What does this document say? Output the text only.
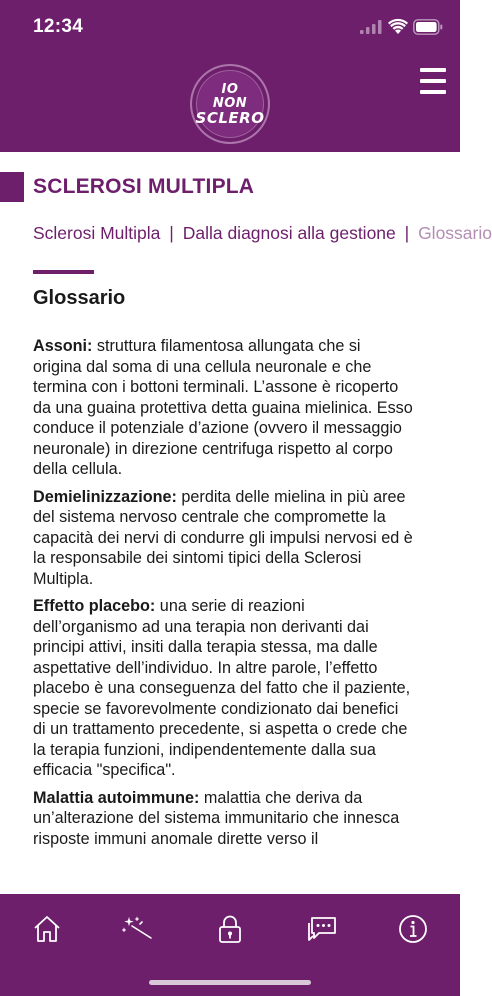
12:34
IO
NON
SCLERO
SCLEROSI MULTIPLA
Sclerosi Multipla | Dalla diagnosi alla gestione | Glossario
Glossario

Assoni: struttura filamentosa allungata che si origina dal soma di una cellula neuronale e che termina con i bottoni terminali. L’assone è ricoperto da una guaina protettiva detta guaina mielinica. Esso conduce il potenziale d’azione (ovvero il messaggio neuronale) in direzione centrifuga rispetto al corpo della cellula.

Demielinizzazione: perdita delle mielina in più aree del sistema nervoso centrale che compromette la capacità dei nervi di condurre gli impulsi nervosi ed è la responsabile dei sintomi tipici della Sclerosi Multipla.

Effetto placebo: una serie di reazioni dell’organismo ad una terapia non derivanti dai principi attivi, insiti dalla terapia stessa, ma dalle aspettative dell’individuo. In altre parole, l’effetto placebo è una conseguenza del fatto che il paziente, specie se favorevolmente condizionato dai benefici di un trattamento precedente, si aspetta o crede che la terapia funzioni, indipendentemente dalla sua efficacia "specifica".

Malattia autoimmune: malattia che deriva da un’alterazione del sistema immunitario che innesca risposte immuni anomale dirette verso il
